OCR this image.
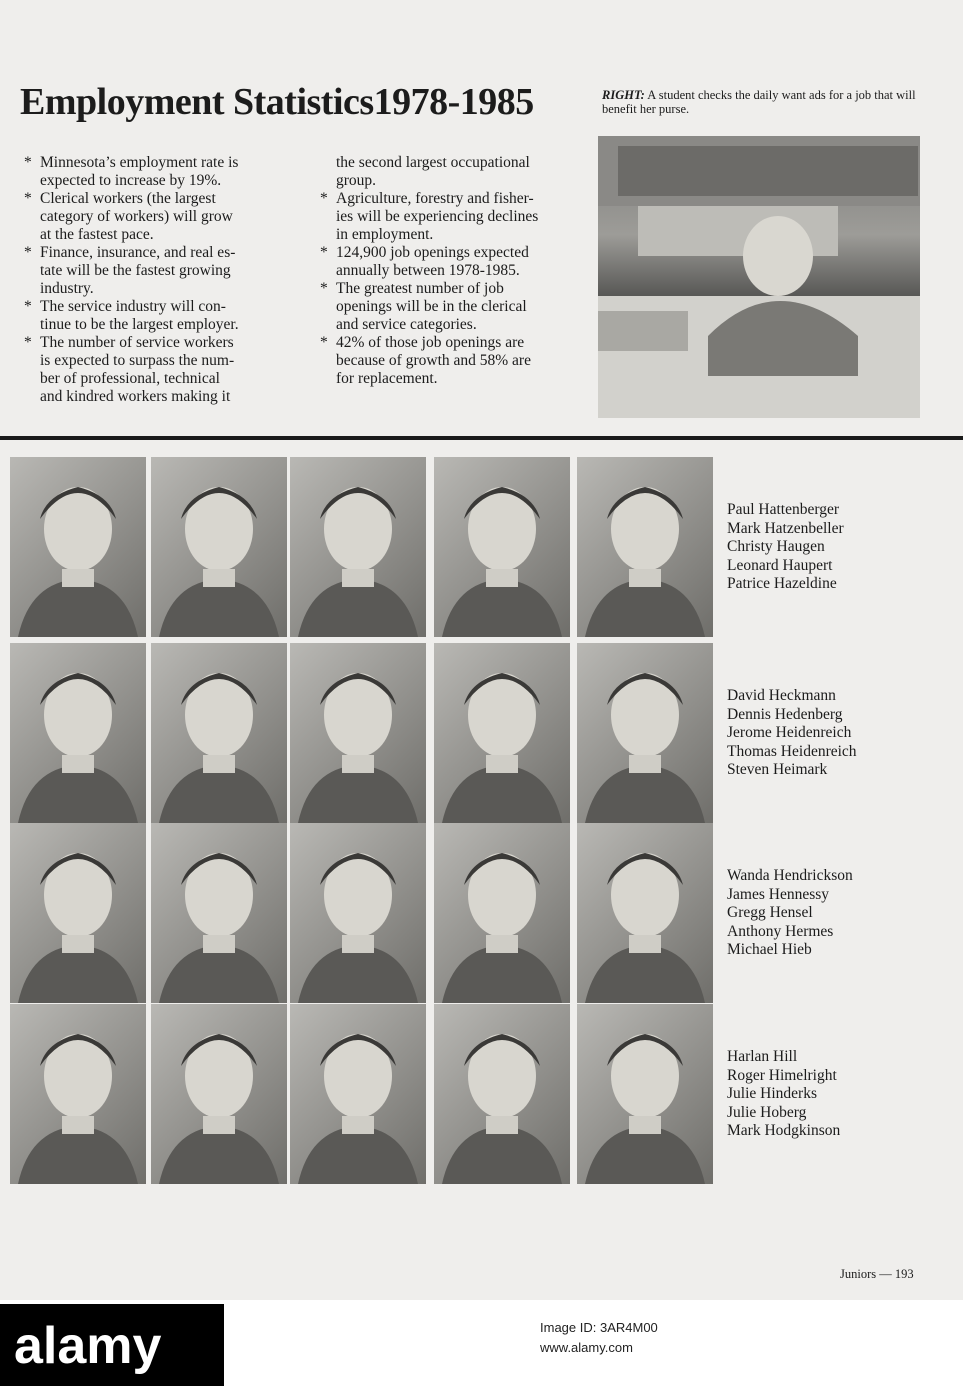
Employment Statistics1978-1985	RIGHT: A student checks the daily want ads for a job that will benefit her purse.
* Minnesota’s employment rate is
expected to increase by 19%.
* Clerical workers (the largest
category of workers) will grow
at the fastest pace.
* Finance, insurance, and real es-
tate will be the fastest growing
industry.
* The service industry will con-
tinue to be the largest employer.
* The number of service workers
is expected to surpass the num-
ber of professional, technical
and kindred workers making it
the second largest occupational
group.
* Agriculture, forestry and fisher-
ies will be experiencing declines
in employment.
* 124,900 job openings expected
annually between 1978-1985.
* The greatest number of job
openings will be in the clerical
and service categories.
* 42% of those job openings are
because of growth and 58% are
for replacement.
Paul Hattenberger
Mark Hatzenbeller
Christy Haugen
Leonard Haupert
Patrice Hazeldine
David Heckmann
Dennis Hedenberg
Jerome Heidenreich
Thomas Heidenreich
Steven Heimark
Wanda Hendrickson
James Hennessy
Gregg Hensel
Anthony Hermes
Michael Hieb
Harlan Hill
Roger Himelright
Julie Hinderks
Julie Hoberg
Mark Hodgkinson
Juniors — 193
alamy	Image ID: 3AR4M00
www.alamy.com
